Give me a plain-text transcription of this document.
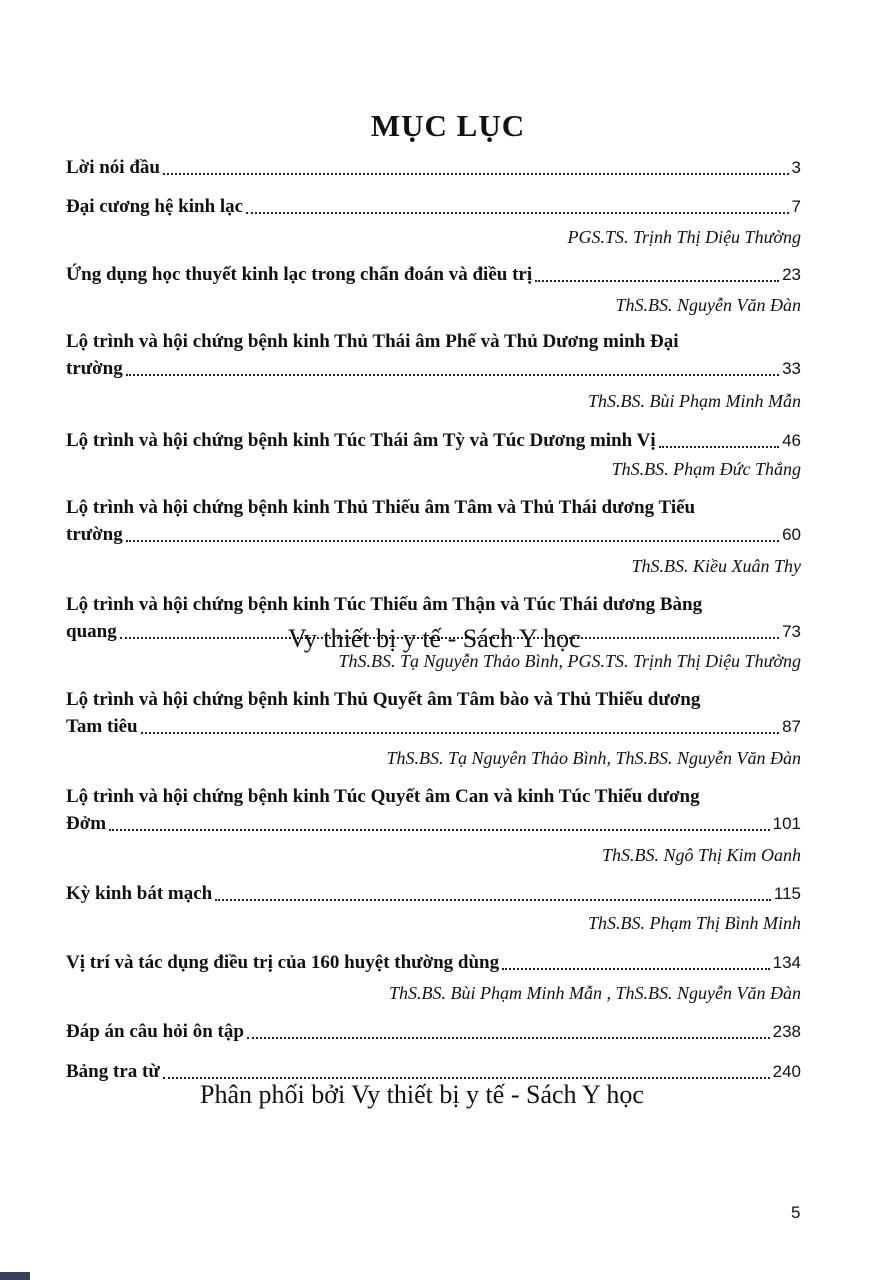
MỤC LỤC
Lời nói đầu	3
Đại cương hệ kinh lạc	7
PGS.TS. Trịnh Thị Diệu Thường
Ứng dụng học thuyết kinh lạc trong chẩn đoán và điều trị	23
ThS.BS. Nguyễn Văn Đàn
Lộ trình và hội chứng bệnh kinh Thủ Thái âm Phế và Thủ Dương minh Đại
trường	33
ThS.BS. Bùi Phạm Minh Mẫn
Lộ trình và hội chứng bệnh kinh Túc Thái âm Tỳ và Túc Dương minh Vị	46
ThS.BS. Phạm Đức Thắng
Lộ trình và hội chứng bệnh kinh Thủ Thiếu âm Tâm và Thủ Thái dương Tiểu
trường	60
ThS.BS. Kiều Xuân Thy
Lộ trình và hội chứng bệnh kinh Túc Thiếu âm Thận và Túc Thái dương Bàng
quang	73
Vy thiết bị y tế - Sách Y học
ThS.BS. Tạ Nguyễn Thảo Bình, PGS.TS. Trịnh Thị Diệu Thường
Lộ trình và hội chứng bệnh kinh Thủ Quyết âm Tâm bào và Thủ Thiếu dương
Tam tiêu	87
ThS.BS. Tạ Nguyên Thảo Bình, ThS.BS. Nguyễn Văn Đàn
Lộ trình và hội chứng bệnh kinh Túc Quyết âm Can và kinh Túc Thiếu dương
Đởm	101
ThS.BS. Ngô Thị Kim Oanh
Kỳ kinh bát mạch	115
ThS.BS. Phạm Thị Bình Minh
Vị trí và tác dụng điều trị của 160 huyệt thường dùng	134
ThS.BS. Bùi Phạm Minh Mẫn , ThS.BS. Nguyễn Văn Đàn
Đáp án câu hỏi ôn tập	238
Bảng tra từ	240
Phân phối bởi Vy thiết bị y tế - Sách Y học
5
